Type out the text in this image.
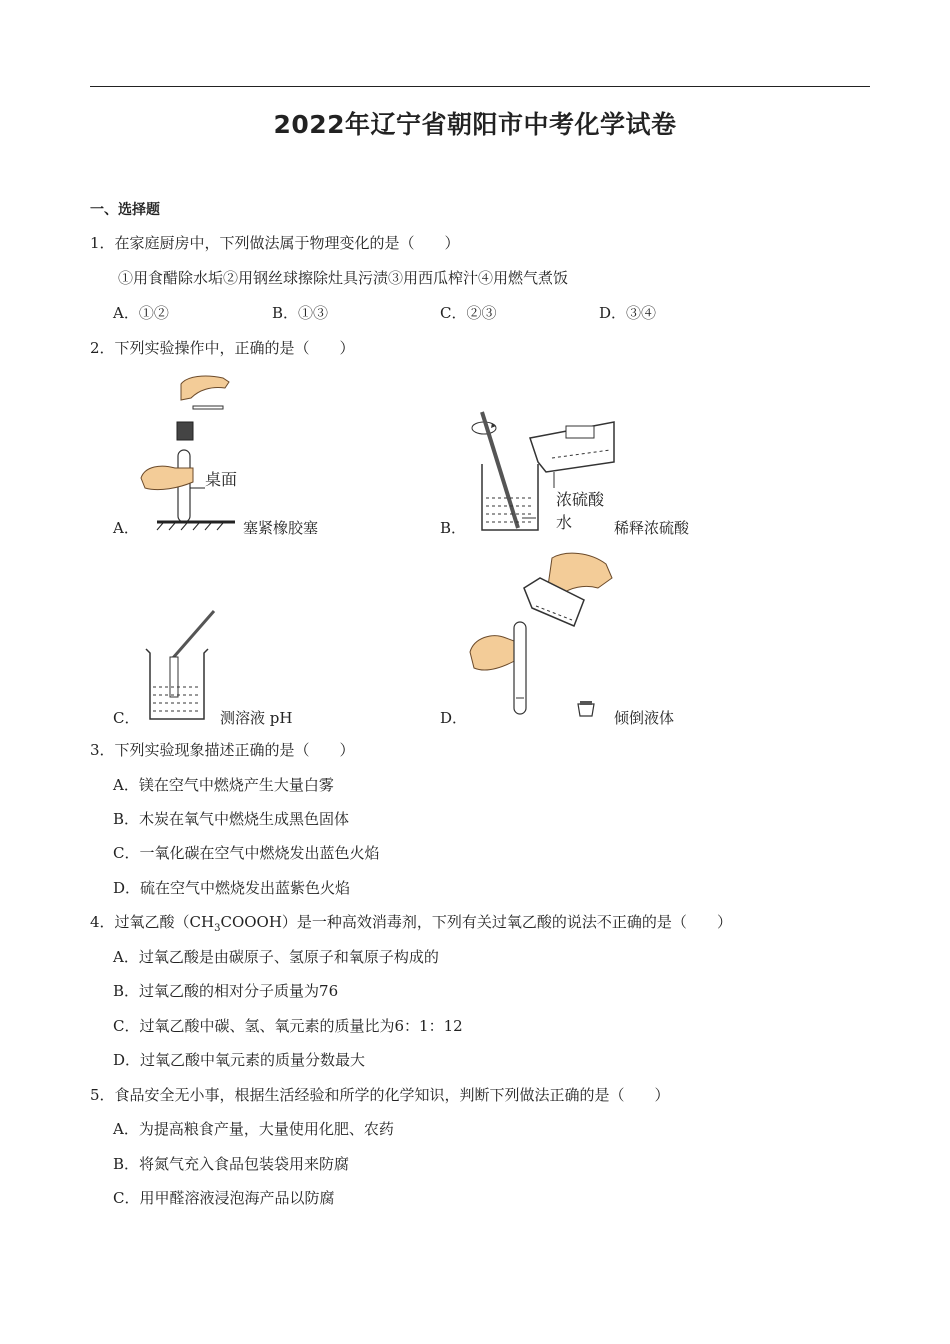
2022年辽宁省朝阳市中考化学试卷
一、选择题
1．在家庭厨房中，下列做法属于物理变化的是（　　）
①用食醋除水垢②用钢丝球擦除灶具污渍③用西瓜榨汁④用燃气煮饭
A．①②	B．①③	C．②③	D．③④
2．下列实验操作中，正确的是（　　）
桌面
A．	塞紧橡胶塞
浓硫酸
水
B．	稀释浓硫酸
C．	测溶液 pH	D．	倾倒液体
3．下列实验现象描述正确的是（　　）
A．镁在空气中燃烧产生大量白雾
B．木炭在氧气中燃烧生成黑色固体
C．一氧化碳在空气中燃烧发出蓝色火焰
D．硫在空气中燃烧发出蓝紫色火焰
4．过氧乙酸$(CH_3COOOH)$是一种高效消毒剂，下列有关过氧乙酸的说法不正确的是（　　）
A．过氧乙酸是由碳原子、氢原子和氧原子构成的
B．过氧乙酸的相对分子质量为76
C．过氧乙酸中碳、氢、氧元素的质量比为6：1：12
D．过氧乙酸中氧元素的质量分数最大
5．食品安全无小事，根据生活经验和所学的化学知识，判断下列做法正确的是（　　）
A．为提高粮食产量，大量使用化肥、农药
B．将氮气充入食品包装袋用来防腐
C．用甲醛溶液浸泡海产品以防腐
